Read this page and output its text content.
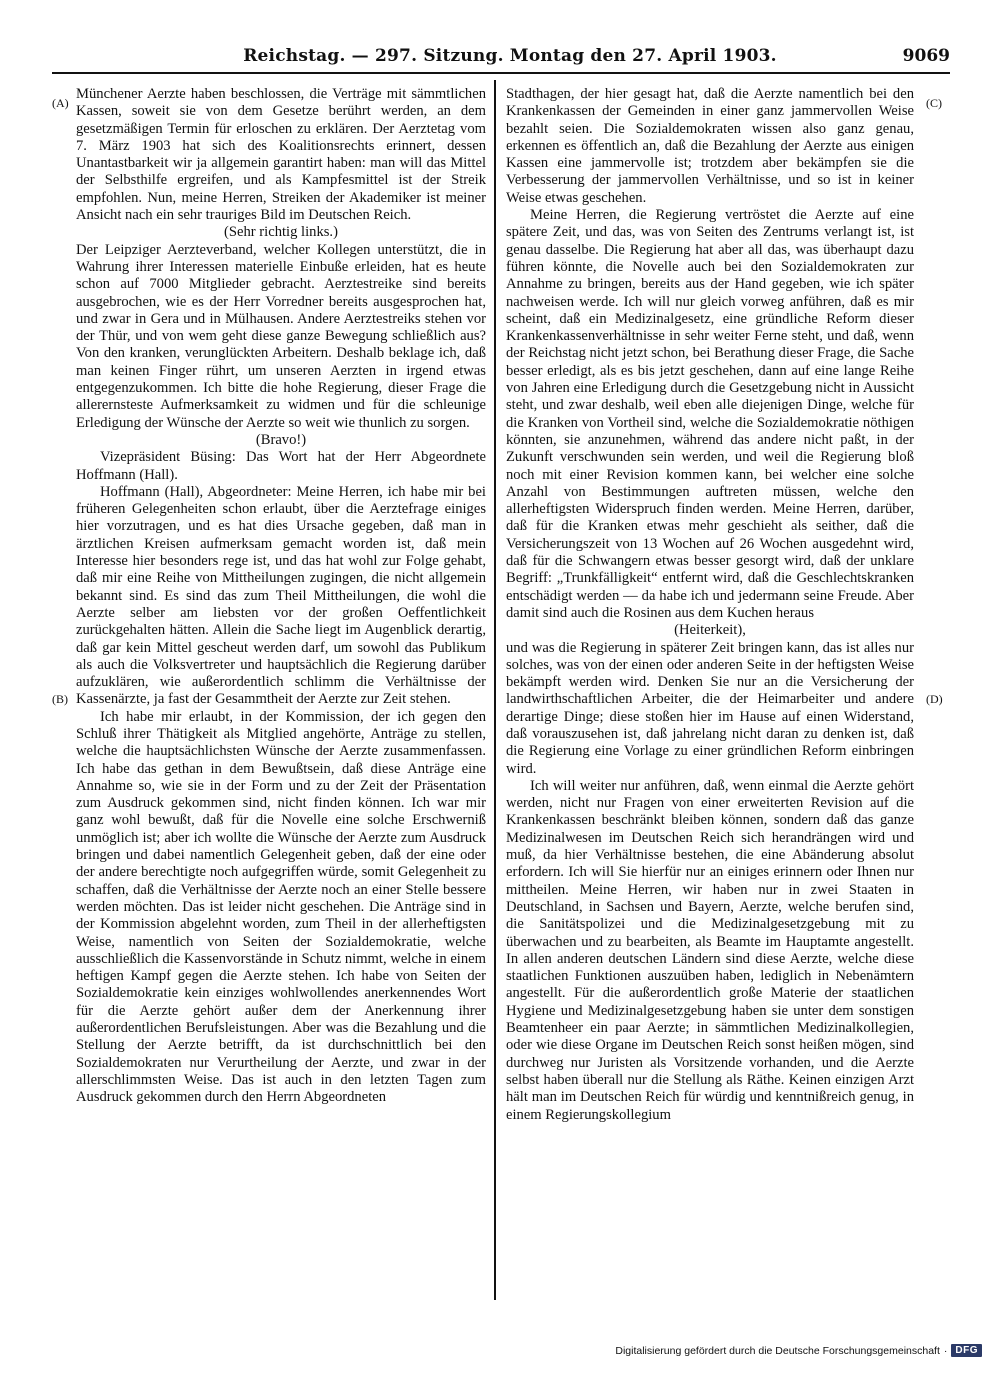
Reichstag. — 297. Sitzung. Montag den 27. April 1903.	9069
(A)
(B)
(C)
(D)

Münchener Aerzte haben beschlossen, die Verträge mit sämmtlichen Kassen, soweit sie von dem Gesetze berührt werden, an dem gesetzmäßigen Termin für erloschen zu erklären. Der Aerztetag vom 7. März 1903 hat sich des Koalitionsrechts erinnert, dessen Unantastbarkeit wir ja allgemein garantirt haben: man will das Mittel der Selbsthilfe ergreifen, und als Kampfesmittel ist der Streik empfohlen. Nun, meine Herren, Streiken der Akademiker ist meiner Ansicht nach ein sehr trauriges Bild im Deutschen Reich.

(Sehr richtig links.)

Der Leipziger Aerzteverband, welcher Kollegen unterstützt, die in Wahrung ihrer Interessen materielle Einbuße erleiden, hat es heute schon auf 7000 Mitglieder gebracht. Aerztestreike sind bereits ausgebrochen, wie es der Herr Vorredner bereits ausgesprochen hat, und zwar in Gera und in Mülhausen. Andere Aerztestreiks stehen vor der Thür, und von wem geht diese ganze Bewegung schließlich aus? Von den kranken, verunglückten Arbeitern. Deshalb beklage ich, daß man keinen Finger rührt, um unseren Aerzten in irgend etwas entgegenzukommen. Ich bitte die hohe Regierung, dieser Frage die allerernsteste Aufmerksamkeit zu widmen und für die schleunige Erledigung der Wünsche der Aerzte so weit wie thunlich zu sorgen.

(Bravo!)

Vizepräsident Büsing: Das Wort hat der Herr Abgeordnete Hoffmann (Hall).

Hoffmann (Hall), Abgeordneter: Meine Herren, ich habe mir bei früheren Gelegenheiten schon erlaubt, über die Aerztefrage einiges hier vorzutragen, und es hat dies Ursache gegeben, daß man in ärztlichen Kreisen aufmerksam gemacht worden ist, daß mein Interesse hier besonders rege ist, und das hat wohl zur Folge gehabt, daß mir eine Reihe von Mittheilungen zugingen, die nicht allgemein bekannt sind. Es sind das zum Theil Mittheilungen, die wohl die Aerzte selber am liebsten vor der großen Oeffentlichkeit zurückgehalten hätten. Allein die Sache liegt im Augenblick derartig, daß gar kein Mittel gescheut werden darf, um sowohl das Publikum als auch die Volksvertreter und hauptsächlich die Regierung darüber aufzuklären, wie außerordentlich schlimm die Verhältnisse der Kassenärzte, ja fast der Gesammtheit der Aerzte zur Zeit stehen.

Ich habe mir erlaubt, in der Kommission, der ich gegen den Schluß ihrer Thätigkeit als Mitglied angehörte, Anträge zu stellen, welche die hauptsächlichsten Wünsche der Aerzte zusammenfassen. Ich habe das gethan in dem Bewußtsein, daß diese Anträge eine Annahme so, wie sie in der Form und zu der Zeit der Präsentation zum Ausdruck gekommen sind, nicht finden können. Ich war mir ganz wohl bewußt, daß für die Novelle eine solche Erschwerniß unmöglich ist; aber ich wollte die Wünsche der Aerzte zum Ausdruck bringen und dabei namentlich Gelegenheit geben, daß der eine oder der andere berechtigte noch aufgegriffen würde, somit Gelegenheit zu schaffen, daß die Verhältnisse der Aerzte noch an einer Stelle bessere werden möchten. Das ist leider nicht geschehen. Die Anträge sind in der Kommission abgelehnt worden, zum Theil in der allerheftigsten Weise, namentlich von Seiten der Sozialdemokratie, welche ausschließlich die Kassenvorstände in Schutz nimmt, welche in einem heftigen Kampf gegen die Aerzte stehen. Ich habe von Seiten der Sozialdemokratie kein einziges wohlwollendes anerkennendes Wort für die Aerzte gehört außer dem der Anerkennung ihrer außerordentlichen Berufsleistungen. Aber was die Bezahlung und die Stellung der Aerzte betrifft, da ist durchschnittlich bei den Sozialdemokraten nur Verurtheilung der Aerzte, und zwar in der allerschlimmsten Weise. Das ist auch in den letzten Tagen zum Ausdruck gekommen durch den Herrn Abgeordneten

Stadthagen, der hier gesagt hat, daß die Aerzte namentlich bei den Krankenkassen der Gemeinden in einer ganz jammervollen Weise bezahlt seien. Die Sozialdemokraten wissen also ganz genau, erkennen es öffentlich an, daß die Bezahlung der Aerzte aus einigen Kassen eine jammervolle ist; trotzdem aber bekämpfen sie die Verbesserung der jammervollen Verhältnisse, und so ist in keiner Weise etwas geschehen.

Meine Herren, die Regierung vertröstet die Aerzte auf eine spätere Zeit, und das, was von Seiten des Zentrums verlangt ist, ist genau dasselbe. Die Regierung hat aber all das, was überhaupt dazu führen könnte, die Novelle auch bei den Sozialdemokraten zur Annahme zu bringen, bereits aus der Hand gegeben, wie ich später nachweisen werde. Ich will nur gleich vorweg anführen, daß es mir scheint, daß ein Medizinalgesetz, eine gründliche Reform dieser Krankenkassenverhältnisse in sehr weiter Ferne steht, und daß, wenn der Reichstag nicht jetzt schon, bei Berathung dieser Frage, die Sache besser erledigt, als es bis jetzt geschehen, dann auf eine lange Reihe von Jahren eine Erledigung durch die Gesetzgebung nicht in Aussicht steht, und zwar deshalb, weil eben alle diejenigen Dinge, welche für die Kranken von Vortheil sind, welche die Sozialdemokratie nöthigen könnten, sie anzunehmen, während das andere nicht paßt, in der Zukunft verschwunden sein werden, und weil die Regierung bloß noch mit einer Revision kommen kann, bei welcher eine solche Anzahl von Bestimmungen auftreten müssen, welche den allerheftigsten Widerspruch finden werden. Meine Herren, darüber, daß für die Kranken etwas mehr geschieht als seither, daß die Versicherungszeit von 13 Wochen auf 26 Wochen ausgedehnt wird, daß für die Schwangern etwas besser gesorgt wird, daß der unklare Begriff: „Trunkfälligkeit“ entfernt wird, daß die Geschlechtskranken entschädigt werden — da habe ich und jedermann seine Freude. Aber damit sind auch die Rosinen aus dem Kuchen heraus

(Heiterkeit),

und was die Regierung in späterer Zeit bringen kann, das ist alles nur solches, was von der einen oder anderen Seite in der heftigsten Weise bekämpft werden wird. Denken Sie nur an die Versicherung der landwirthschaftlichen Arbeiter, die der Heimarbeiter und andere derartige Dinge; diese stoßen hier im Hause auf einen Widerstand, daß vorauszusehen ist, daß jahrelang nicht daran zu denken ist, daß die Regierung eine Vorlage zu einer gründlichen Reform einbringen wird.

Ich will weiter nur anführen, daß, wenn einmal die Aerzte gehört werden, nicht nur Fragen von einer erweiterten Revision auf die Krankenkassen beschränkt bleiben können, sondern daß das ganze Medizinalwesen im Deutschen Reich sich herandrängen wird und muß, da hier Verhältnisse bestehen, die eine Abänderung absolut erfordern. Ich will Sie hierfür nur an einiges erinnern oder Ihnen nur mittheilen. Meine Herren, wir haben nur in zwei Staaten in Deutschland, in Sachsen und Bayern, Aerzte, welche berufen sind, die Sanitätspolizei und die Medizinalgesetzgebung mit zu überwachen und zu bearbeiten, als Beamte im Hauptamte angestellt. In allen anderen deutschen Ländern sind diese Aerzte, welche diese staatlichen Funktionen auszuüben haben, lediglich in Nebenämtern angestellt. Für die außerordentlich große Materie der staatlichen Hygiene und Medizinalgesetzgebung haben sie unter dem sonstigen Beamtenheer ein paar Aerzte; in sämmtlichen Medizinalkollegien, oder wie diese Organe im Deutschen Reich sonst heißen mögen, sind durchweg nur Juristen als Vorsitzende vorhanden, und die Aerzte selbst haben überall nur die Stellung als Räthe. Keinen einzigen Arzt hält man im Deutschen Reich für würdig und kenntnißreich genug, in einem Regierungskollegium

Digitalisierung gefördert durch die Deutsche Forschungsgemeinschaft · DFG
